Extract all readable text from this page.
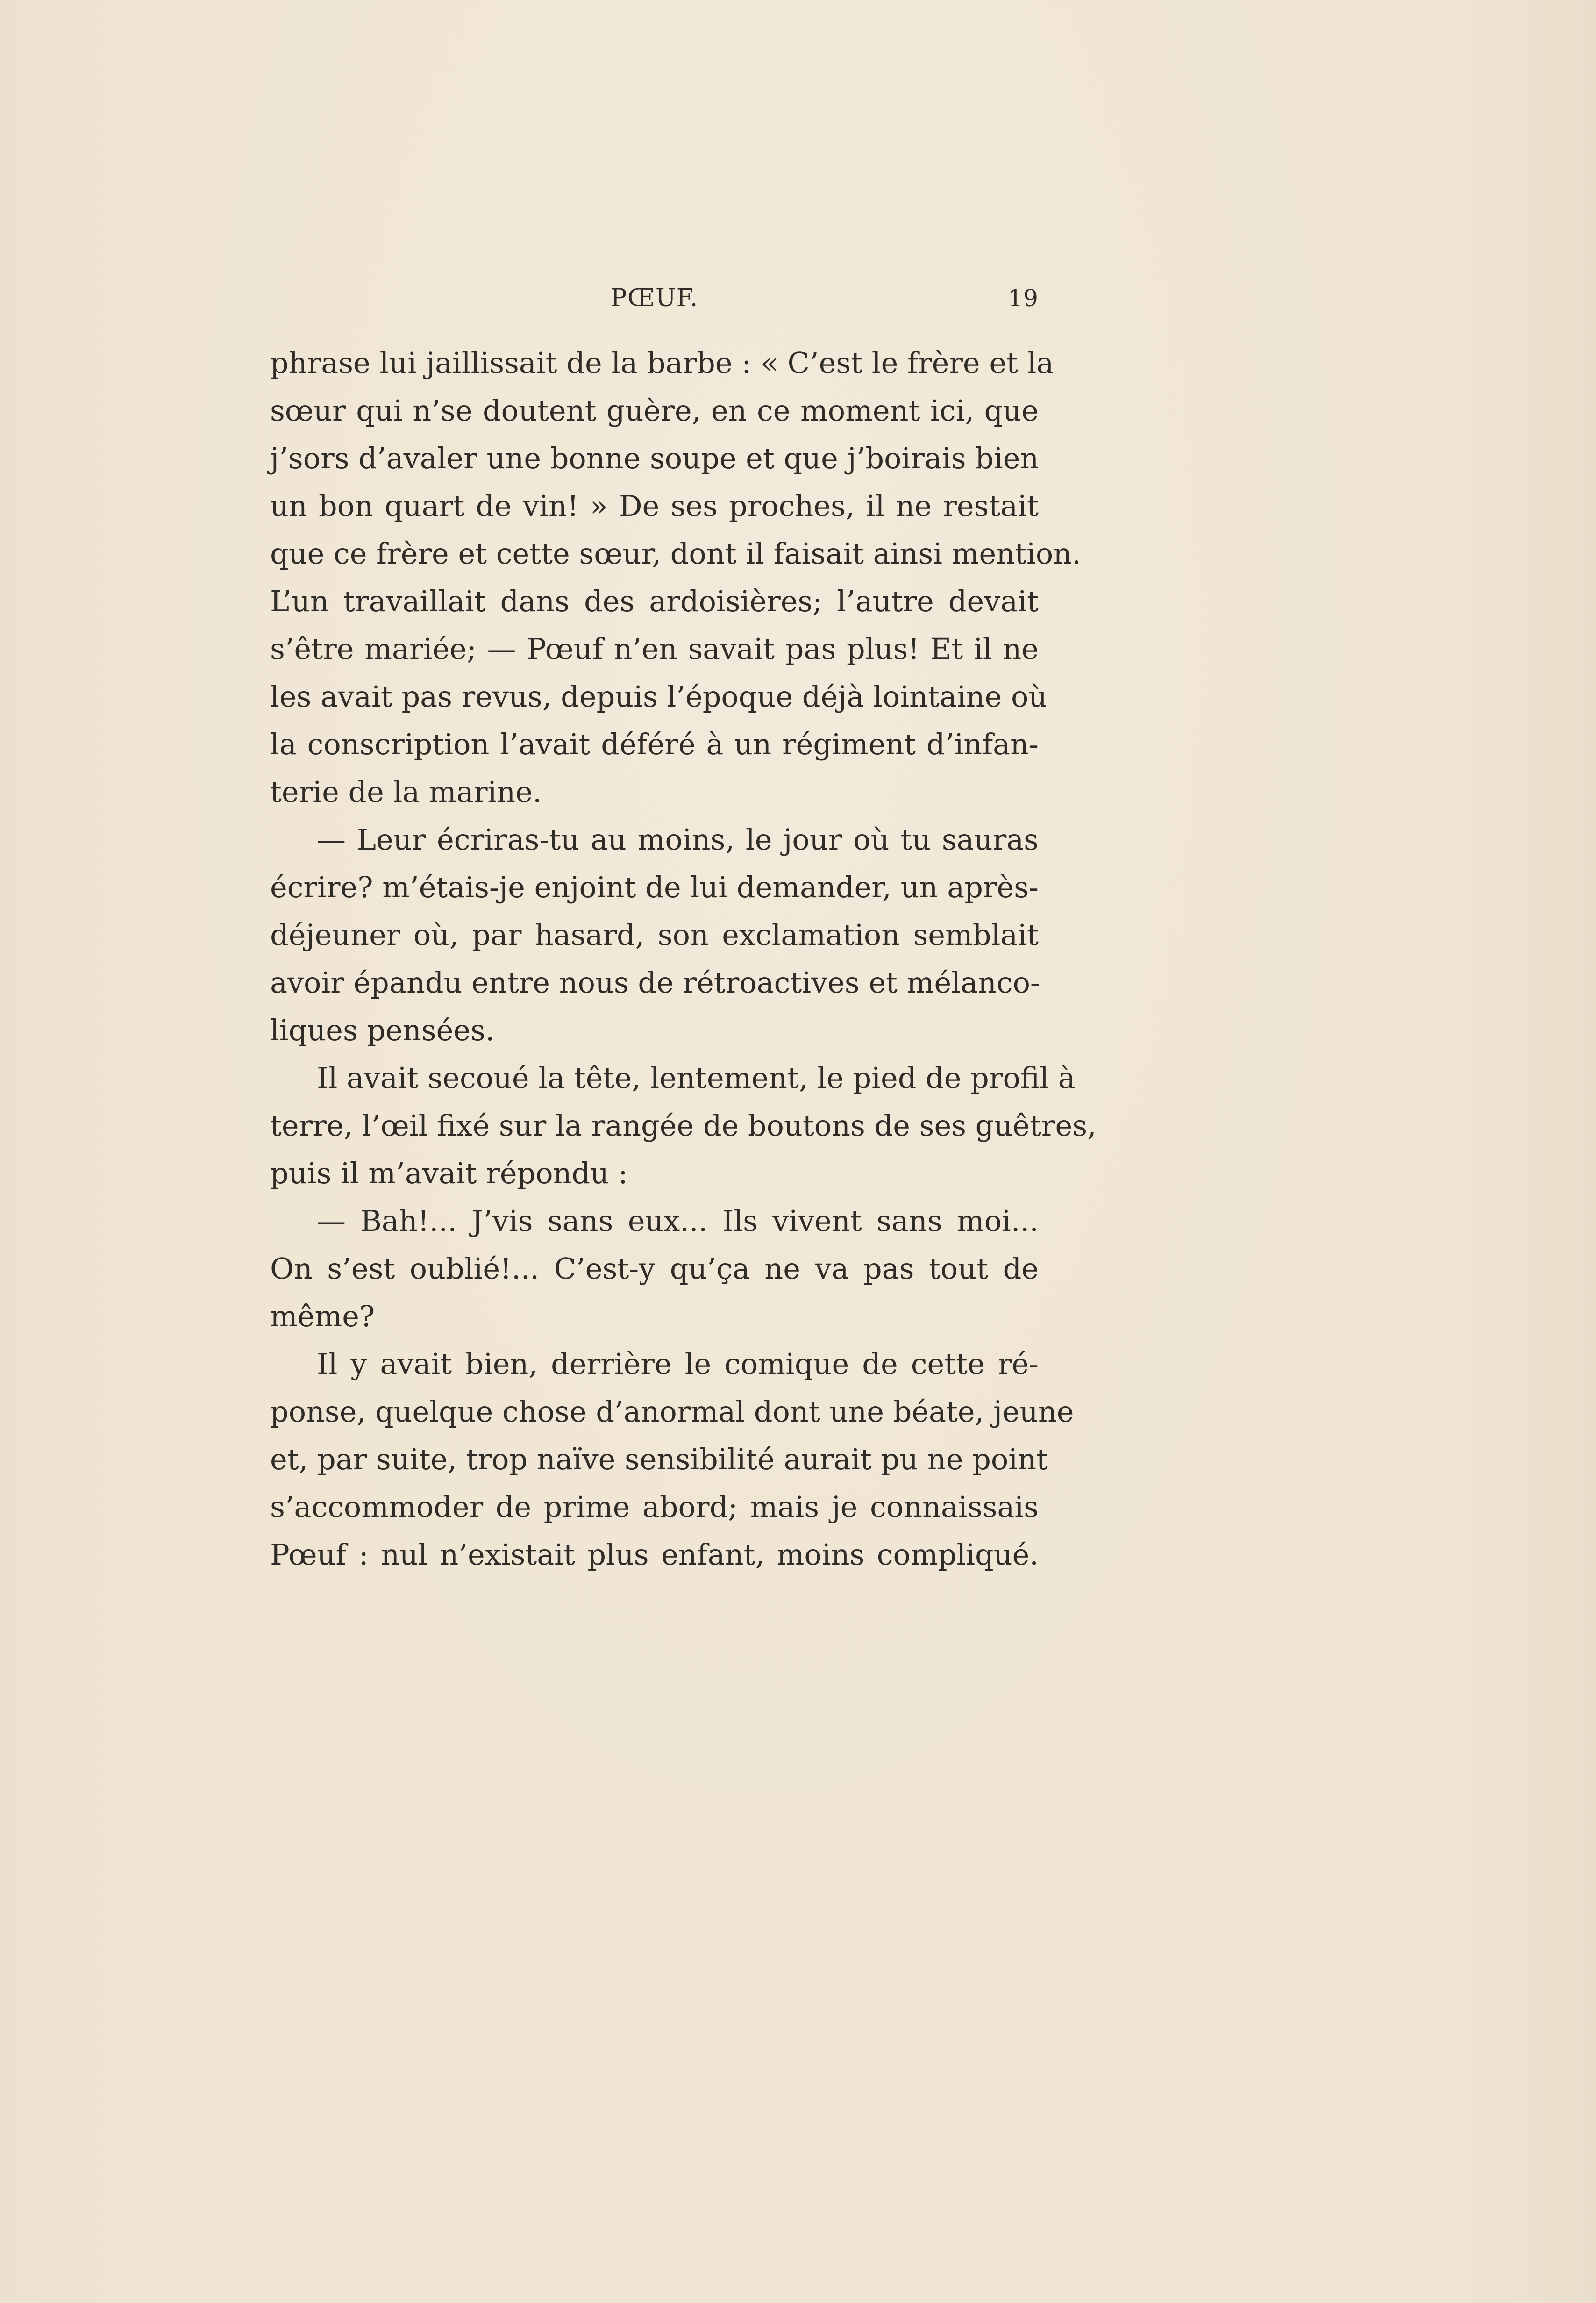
PŒUF.	19
phrase lui jaillissait de la barbe : « C’est le frère et la
sœur qui n’se doutent guère, en ce moment ici, que
j’sors d’avaler une bonne soupe et que j’boirais bien
un bon quart de vin! » De ses proches, il ne restait
que ce frère et cette sœur, dont il faisait ainsi mention.
L’un travaillait dans des ardoisières; l’autre devait
s’être mariée; — Pœuf n’en savait pas plus! Et il ne
les avait pas revus, depuis l’époque déjà lointaine où
la conscription l’avait déféré à un régiment d’infan-
terie de la marine.
— Leur écriras-tu au moins, le jour où tu sauras
écrire? m’étais-je enjoint de lui demander, un après-
déjeuner où, par hasard, son exclamation semblait
avoir épandu entre nous de rétroactives et mélanco-
liques pensées.
Il avait secoué la tête, lentement, le pied de profil à
terre, l’œil fixé sur la rangée de boutons de ses guêtres,
puis il m’avait répondu :
— Bah!... J’vis sans eux... Ils vivent sans moi...
On s’est oublié!... C’est-y qu’ça ne va pas tout de
même?
Il y avait bien, derrière le comique de cette ré-
ponse, quelque chose d’anormal dont une béate, jeune
et, par suite, trop naïve sensibilité aurait pu ne point
s’accommoder de prime abord; mais je connaissais
Pœuf : nul n’existait plus enfant, moins compliqué.
